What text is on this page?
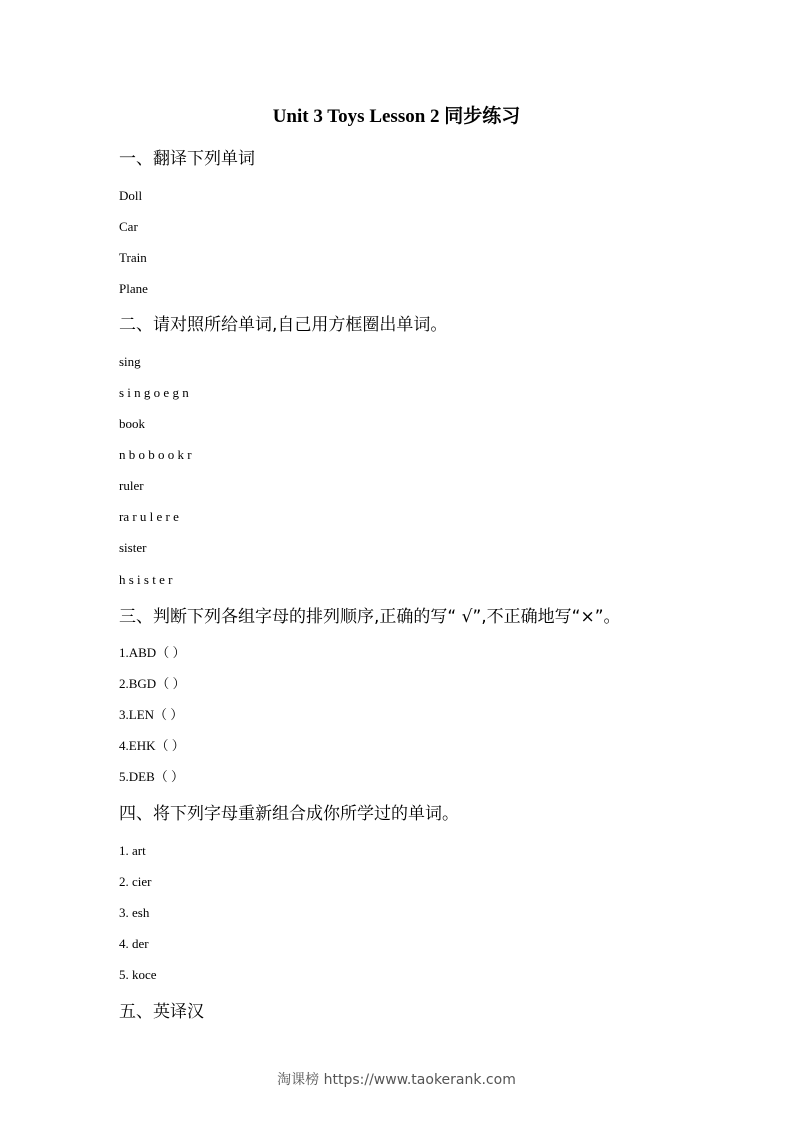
Unit 3 Toys Lesson 2 同步练习
一、翻译下列单词
Doll
Car
Train
Plane
二、请对照所给单词,自己用方框圈出单词。
sing
s i n g o e g n
book
n b o b o o k r
ruler
ra r u l e r e
sister
h s i s t e r
三、判断下列各组字母的排列顺序,正确的写“ √”,不正确地写“×”。
1.ABD（ ）
2.BGD（ ）
3.LEN（ ）
4.EHK（ ）
5.DEB（ ）
四、将下列字母重新组合成你所学过的单词。
1. art
2. cier
3. esh
4. der
5. koce
五、英译汉
淘课榜 https://www.taokerank.com
